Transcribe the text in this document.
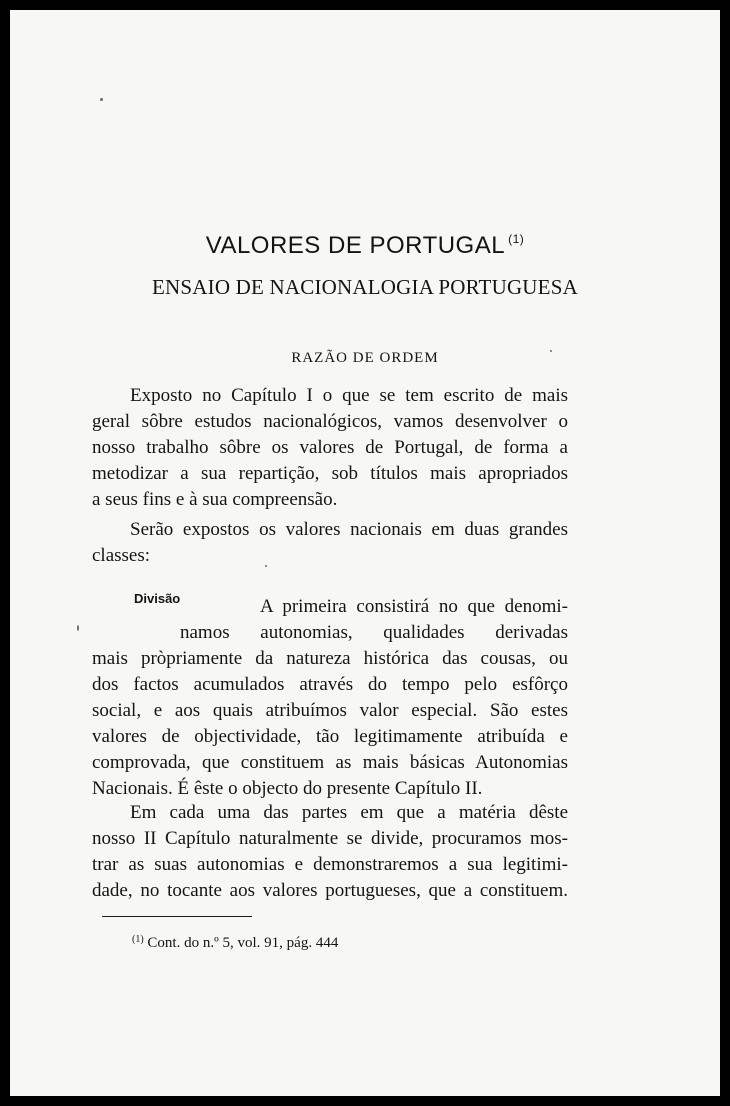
VALORES DE PORTUGAL $^{(1)}$
ENSAIO DE NACIONALOGIA PORTUGUESA
RAZÃO DE ORDEM
Exposto no Capítulo I o que se tem escrito de mais
geral sôbre estudos nacionalógicos, vamos desenvolver o
nosso trabalho sôbre os valores de Portugal, de forma a
metodizar a sua repartição, sob títulos mais apropriados
a seus fins e à sua compreensão.
Serão expostos os valores nacionais em duas grandes
classes:
Divisão	A primeira consistirá no que denomi-
namos autonomias, qualidades derivadas
mais pròpriamente da natureza histórica das cousas, ou
dos factos acumulados através do tempo pelo esfôrço
social, e aos quais atribuímos valor especial. São estes
valores de objectividade, tão legitimamente atribuída e
comprovada, que constituem as mais básicas Autonomias
Nacionais. É êste o objecto do presente Capítulo II.
Em cada uma das partes em que a matéria dêste
nosso II Capítulo naturalmente se divide, procuramos mos-
trar as suas autonomias e demonstraremos a sua legitimi-
dade, no tocante aos valores portugueses, que a constituem.
$^{(1)}$ Cont. do n.º 5, vol. 91, pág. 444
